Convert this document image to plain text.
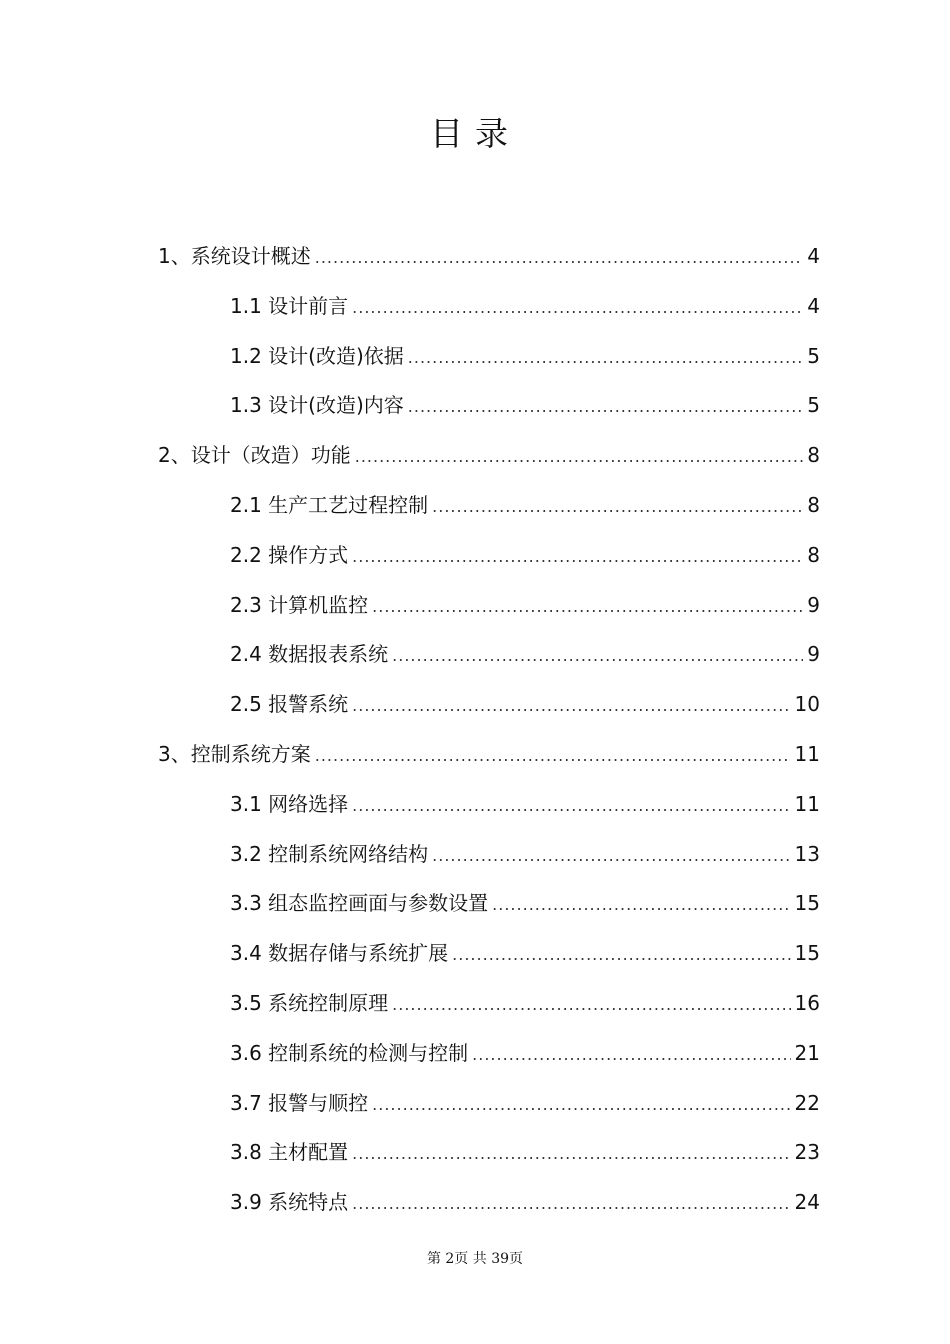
目录
1、系统设计概述 .....	4
1.1 设计前言 .....	4
1.2 设计(改造)依据 .....	5
1.3 设计(改造)内容 .....	5
2、设计（改造）功能 .....	8
2.1 生产工艺过程控制 .....	8
2.2 操作方式 .....	8
2.3 计算机监控 .....	9
2.4 数据报表系统 .....	9
2.5 报警系统 .....	10
3、控制系统方案 .....	11
3.1 网络选择 .....	11
3.2 控制系统网络结构 .....	13
3.3 组态监控画面与参数设置 .....	15
3.4 数据存储与系统扩展 .....	15
3.5 系统控制原理 .....	16
3.6 控制系统的检测与控制 .....	21
3.7 报警与顺控 .....	22
3.8 主材配置 .....	23
3.9 系统特点 .....	24
第 2页 共 39页
